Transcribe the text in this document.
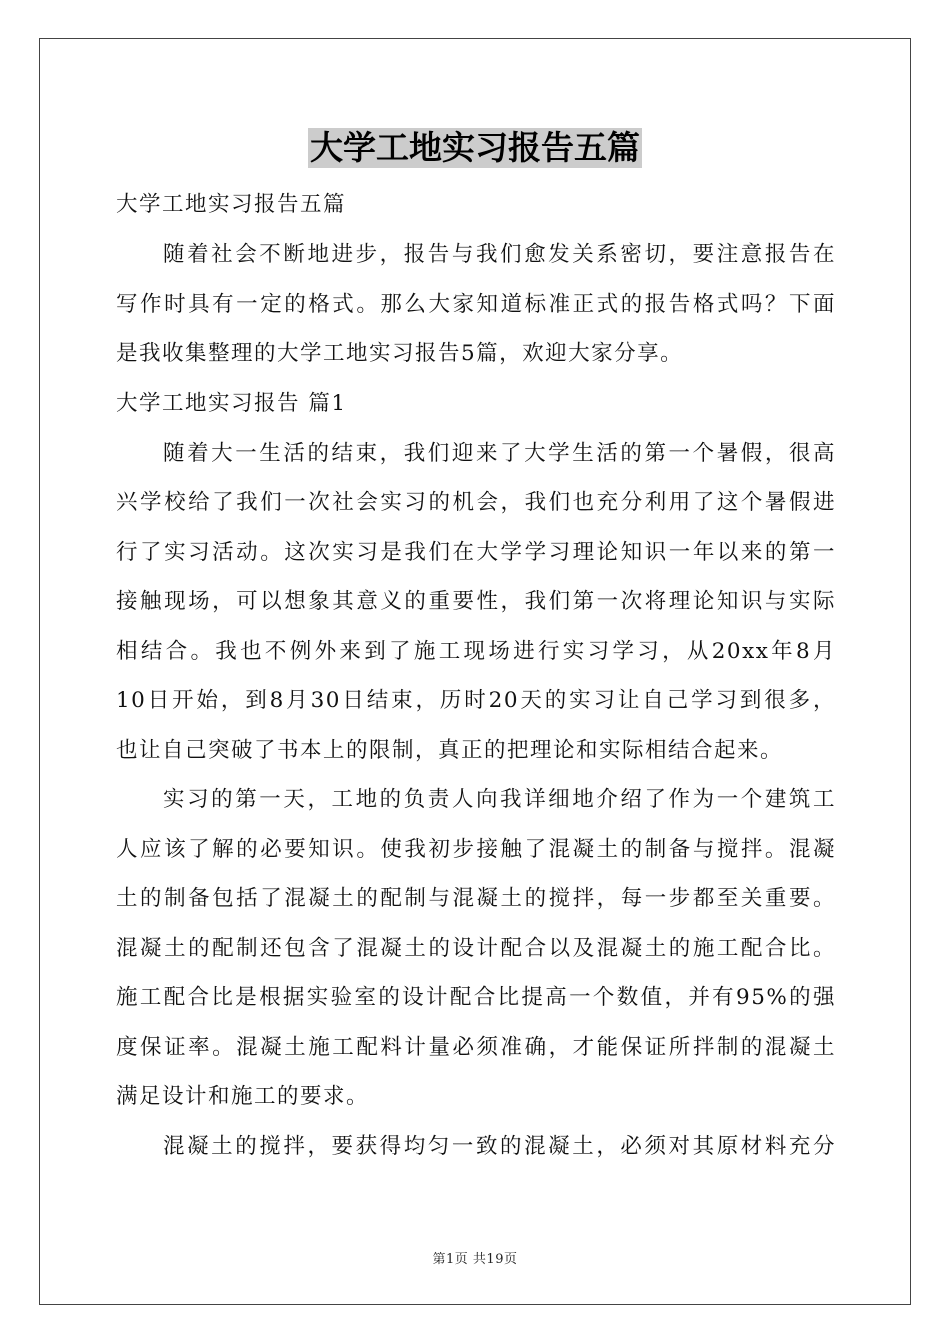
大学工地实习报告五篇
大学工地实习报告五篇
随着社会不断地进步，报告与我们愈发关系密切，要注意报告在
写作时具有一定的格式。那么大家知道标准正式的报告格式吗？下面
是我收集整理的大学工地实习报告5篇，欢迎大家分享。
大学工地实习报告 篇1
随着大一生活的结束，我们迎来了大学生活的第一个暑假，很高
兴学校给了我们一次社会实习的机会，我们也充分利用了这个暑假进
行了实习活动。这次实习是我们在大学学习理论知识一年以来的第一
接触现场，可以想象其意义的重要性，我们第一次将理论知识与实际
相结合。我也不例外来到了施工现场进行实习学习，从20xx年8月
10日开始，到8月30日结束，历时20天的实习让自己学习到很多，
也让自己突破了书本上的限制，真正的把理论和实际相结合起来。
实习的第一天，工地的负责人向我详细地介绍了作为一个建筑工
人应该了解的必要知识。使我初步接触了混凝土的制备与搅拌。混凝
土的制备包括了混凝土的配制与混凝土的搅拌，每一步都至关重要。
混凝土的配制还包含了混凝土的设计配合以及混凝土的施工配合比。
施工配合比是根据实验室的设计配合比提高一个数值，并有95%的强
度保证率。混凝土施工配料计量必须准确，才能保证所拌制的混凝土
满足设计和施工的要求。
混凝土的搅拌，要获得均匀一致的混凝土，必须对其原材料充分
第1页 共19页
